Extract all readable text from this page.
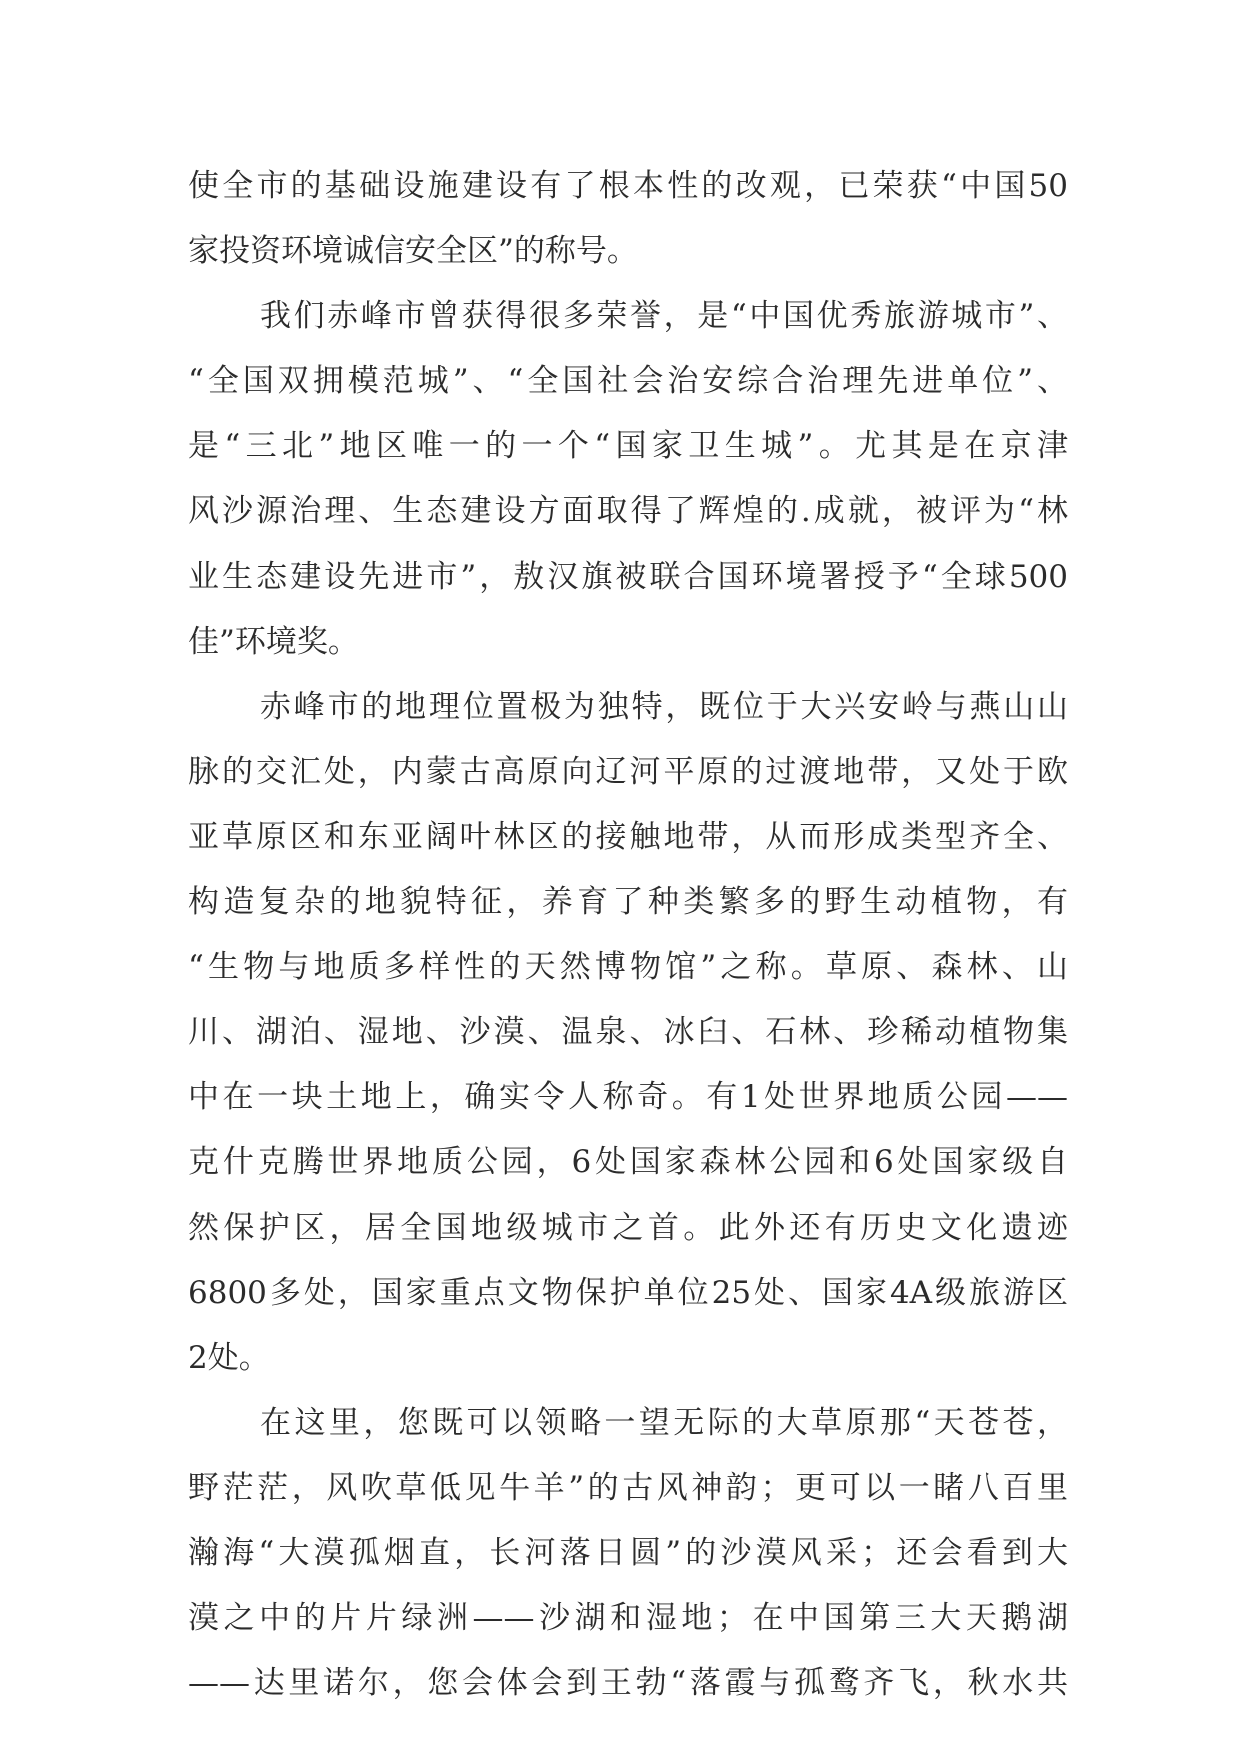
使全市的基础设施建设有了根本性的改观，已荣获“中国50
家投资环境诚信安全区”的称号。
我们赤峰市曾获得很多荣誉，是“中国优秀旅游城市”、
“全国双拥模范城”、“全国社会治安综合治理先进单位”、
是“三北”地区唯一的一个“国家卫生城”。尤其是在京津
风沙源治理、生态建设方面取得了辉煌的.成就，被评为“林
业生态建设先进市”，敖汉旗被联合国环境署授予“全球500
佳”环境奖。
赤峰市的地理位置极为独特，既位于大兴安岭与燕山山
脉的交汇处，内蒙古高原向辽河平原的过渡地带，又处于欧
亚草原区和东亚阔叶林区的接触地带，从而形成类型齐全、
构造复杂的地貌特征，养育了种类繁多的野生动植物，有
“生物与地质多样性的天然博物馆”之称。草原、森林、山
川、湖泊、湿地、沙漠、温泉、冰臼、石林、珍稀动植物集
中在一块土地上，确实令人称奇。有1处世界地质公园——
克什克腾世界地质公园，6处国家森林公园和6处国家级自
然保护区，居全国地级城市之首。此外还有历史文化遗迹
6800多处，国家重点文物保护单位25处、国家4A级旅游区
2处。
在这里，您既可以领略一望无际的大草原那“天苍苍，
野茫茫，风吹草低见牛羊”的古风神韵；更可以一睹八百里
瀚海“大漠孤烟直，长河落日圆”的沙漠风采；还会看到大
漠之中的片片绿洲——沙湖和湿地；在中国第三大天鹅湖
——达里诺尔，您会体会到王勃“落霞与孤鹜齐飞，秋水共
